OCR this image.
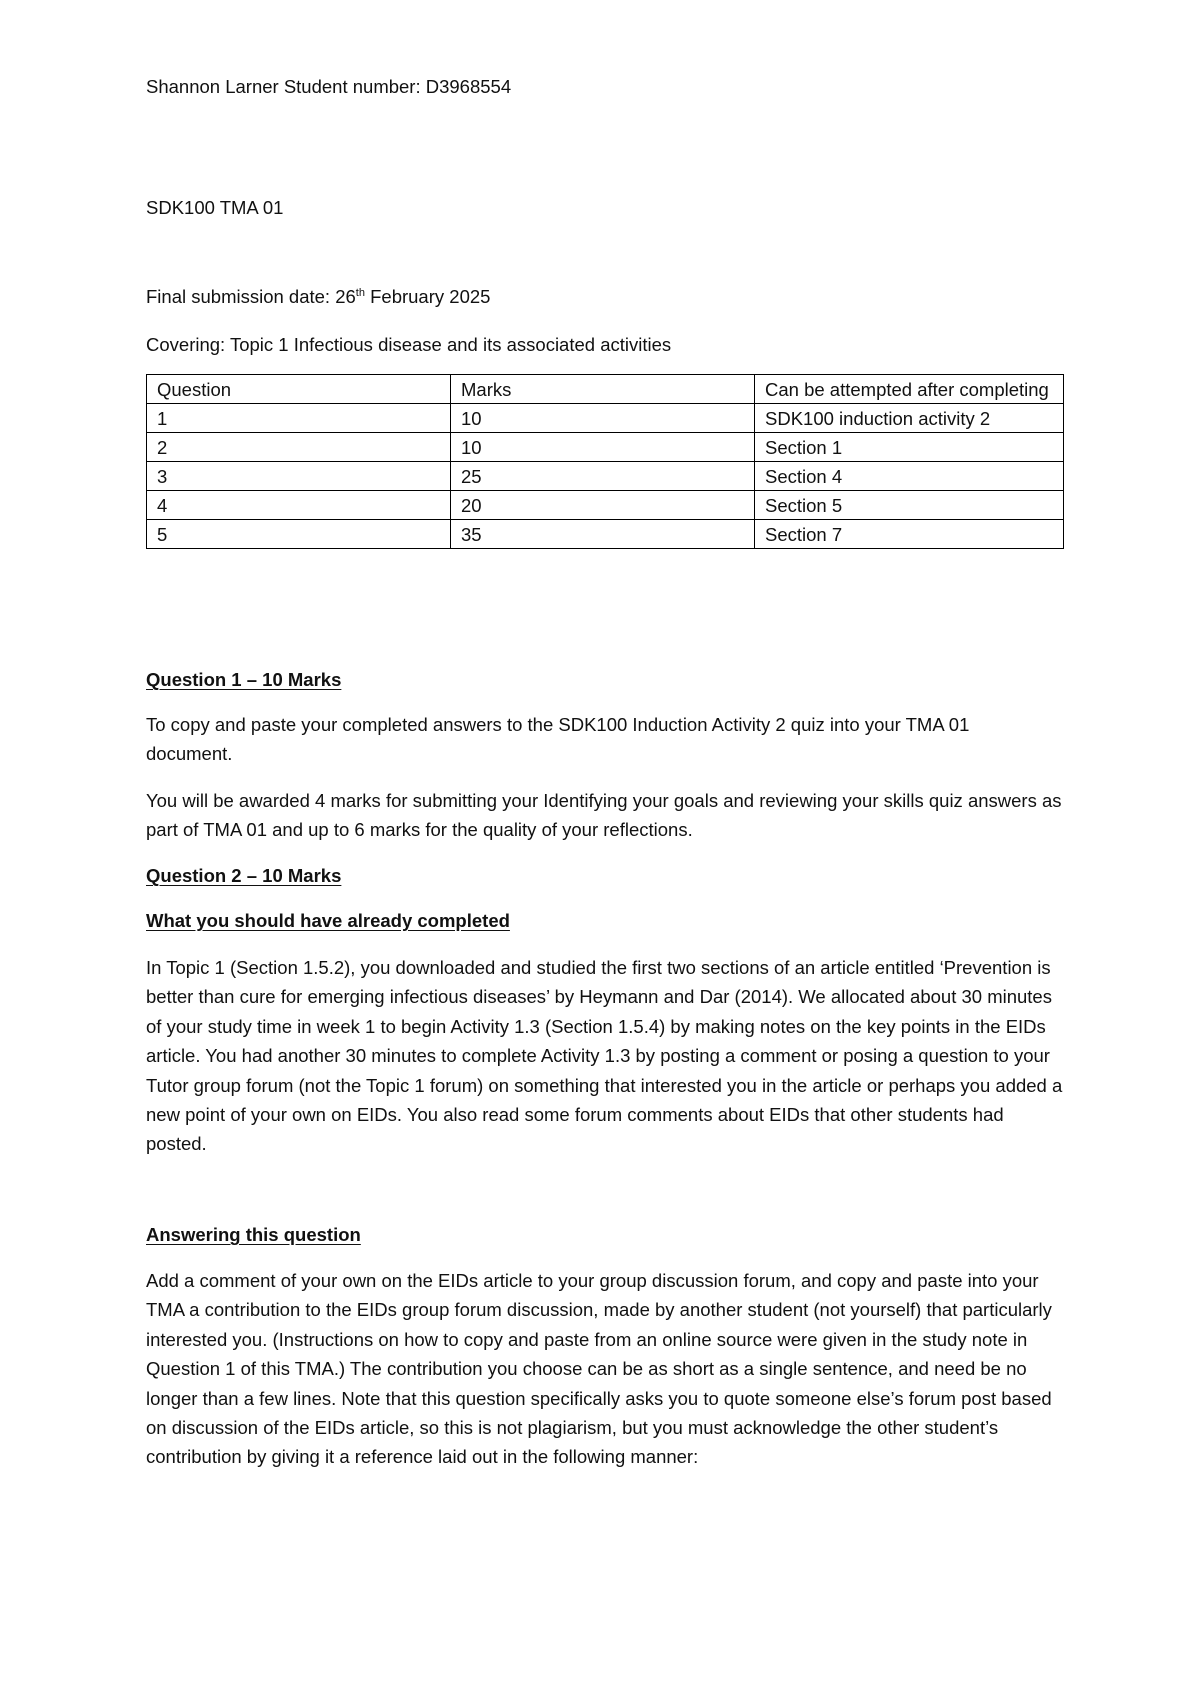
Shannon Larner Student number: D3968554

SDK100 TMA 01

Final submission date: 26th February 2025

Covering: Topic 1 Infectious disease and its associated activities

Question	Marks	Can be attempted after completing
1	10	SDK100 induction activity 2
2	10	Section 1
3	25	Section 4
4	20	Section 5
5	35	Section 7

Question 1 – 10 Marks

To copy and paste your completed answers to the SDK100 Induction Activity 2 quiz into your TMA 01 document.

You will be awarded 4 marks for submitting your Identifying your goals and reviewing your skills quiz answers as part of TMA 01 and up to 6 marks for the quality of your reflections.

Question 2 – 10 Marks

What you should have already completed

In Topic 1 (Section 1.5.2), you downloaded and studied the first two sections of an article entitled ‘Prevention is better than cure for emerging infectious diseases’ by Heymann and Dar (2014). We allocated about 30 minutes of your study time in week 1 to begin Activity 1.3 (Section 1.5.4) by making notes on the key points in the EIDs article. You had another 30 minutes to complete Activity 1.3 by posting a comment or posing a question to your Tutor group forum (not the Topic 1 forum) on something that interested you in the article or perhaps you added a new point of your own on EIDs. You also read some forum comments about EIDs that other students had posted.

Answering this question

Add a comment of your own on the EIDs article to your group discussion forum, and copy and paste into your TMA a contribution to the EIDs group forum discussion, made by another student (not yourself) that particularly interested you. (Instructions on how to copy and paste from an online source were given in the study note in Question 1 of this TMA.) The contribution you choose can be as short as a single sentence, and need be no longer than a few lines. Note that this question specifically asks you to quote someone else’s forum post based on discussion of the EIDs article, so this is not plagiarism, but you must acknowledge the other student’s contribution by giving it a reference laid out in the following manner:
